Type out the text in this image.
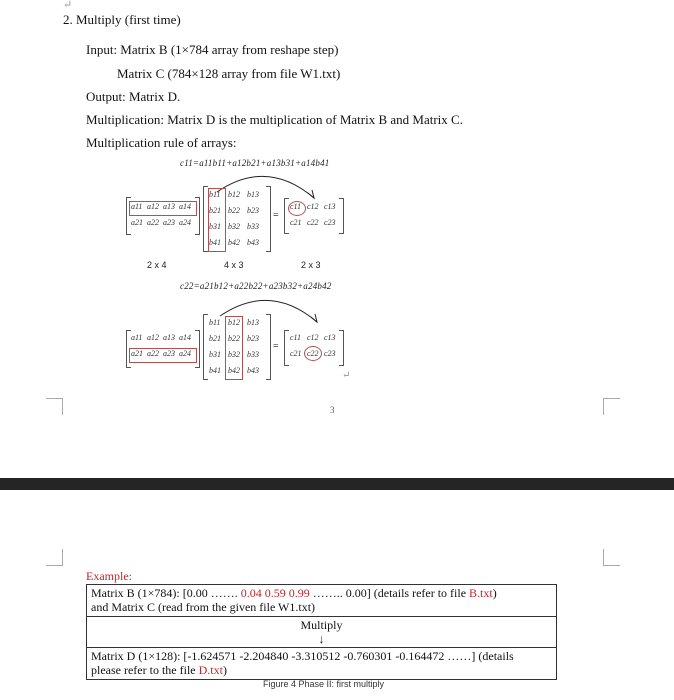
↵
2. Multiply (first time)
Input: Matrix B (1×784 array from reshape step)
Matrix C (784×128 array from file W1.txt)
Output: Matrix D.
Multiplication: Matrix D is the multiplication of Matrix B and Matrix C.
Multiplication rule of arrays:
c11=a11b11+a12b21+a13b31+a14b41
=
a11 a12 a13 a14
a21 a22 a23 a24
b11 b12 b13
b21 b22 b23
b31 b32 b33
b41 b42 b43
c11 c12 c13
c21 c22 c23
2 x 4	4 x 3	2 x 3
c22=a21b12+a22b22+a23b32+a24b42
=
a11 a12 a13 a14
a21 a22 a23 a24
b11 b12 b13
b21 b22 b23
b31 b32 b33
b41 b42 b43
c11 c12 c13
c21 c22 c23
↵
3
Example:
Matrix B (1×784): [0.00 ……. 0.04 0.59 0.99 …….. 0.00] (details refer to file B.txt)
and Matrix C (read from the given file W1.txt)
Multiply
↓
Matrix D (1×128): [-1.624571 -2.204840 -3.310512 -0.760301 -0.164472 ……] (details
please refer to the file D.txt)
Figure 4 Phase II: first multiply
